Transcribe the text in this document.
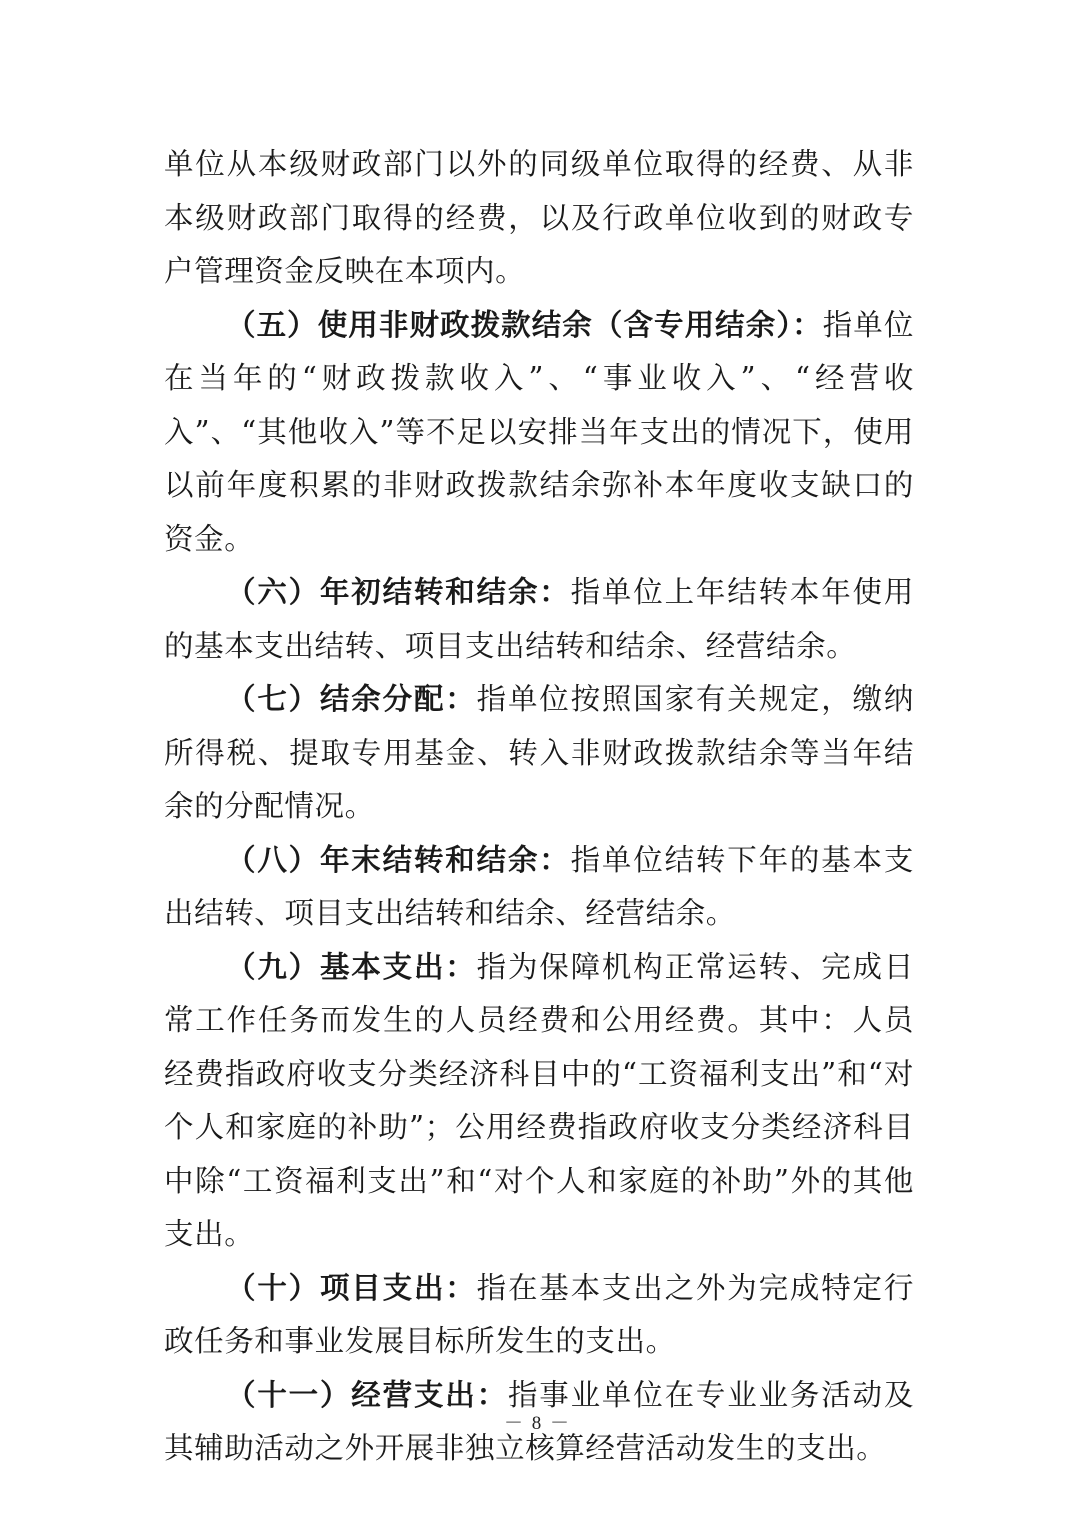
单位从本级财政部门以外的同级单位取得的经费、从非本级财政部门取得的经费，以及行政单位收到的财政专户管理资金反映在本项内。

（五）使用非财政拨款结余（含专用结余）：指单位在当年的“财政拨款收入”、“事业收入”、“经营收入”、“其他收入”等不足以安排当年支出的情况下，使用以前年度积累的非财政拨款结余弥补本年度收支缺口的资金。

（六）年初结转和结余：指单位上年结转本年使用的基本支出结转、项目支出结转和结余、经营结余。

（七）结余分配：指单位按照国家有关规定，缴纳所得税、提取专用基金、转入非财政拨款结余等当年结余的分配情况。

（八）年末结转和结余：指单位结转下年的基本支出结转、项目支出结转和结余、经营结余。

（九）基本支出：指为保障机构正常运转、完成日常工作任务而发生的人员经费和公用经费。其中：人员经费指政府收支分类经济科目中的“工资福利支出”和“对个人和家庭的补助”；公用经费指政府收支分类经济科目中除“工资福利支出”和“对个人和家庭的补助”外的其他支出。

（十）项目支出：指在基本支出之外为完成特定行政任务和事业发展目标所发生的支出。

（十一）经营支出：指事业单位在专业业务活动及其辅助活动之外开展非独立核算经营活动发生的支出。

－ 8 －
